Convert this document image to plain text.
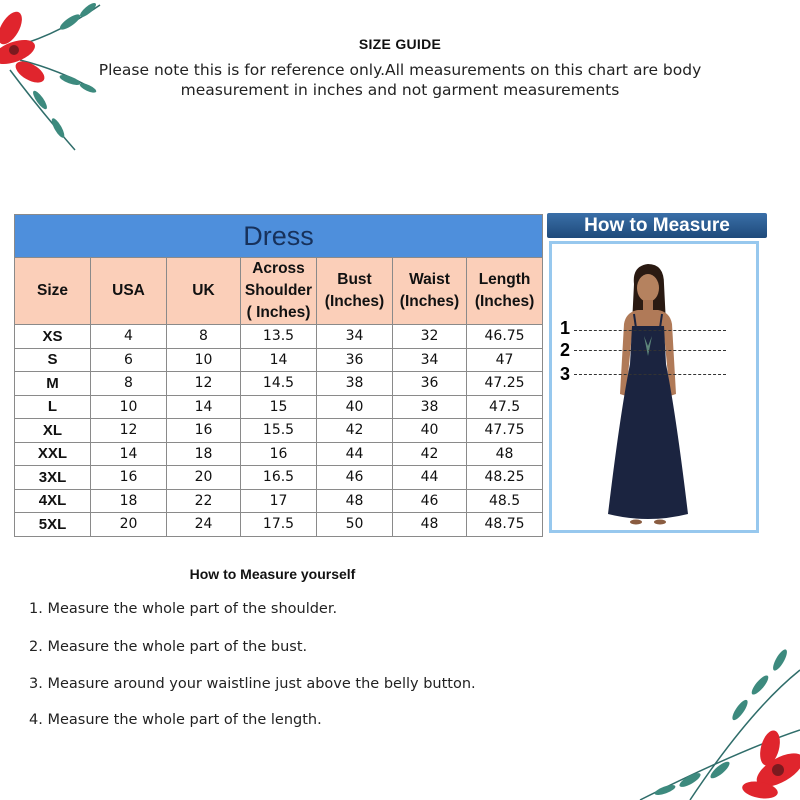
SIZE GUIDE
Please note this is for reference only.All measurements on this chart are body measurement in inches and not garment measurements
Dress						
Size	USA	UK	Across Shoulder ( Inches)	Bust (Inches)	Waist (Inches)	Length (Inches)
XS	4	8	13.5	34	32	46.75
S	6	10	14	36	34	47
M	8	12	14.5	38	36	47.25
L	10	14	15	40	38	47.5
XL	12	16	15.5	42	40	47.75
XXL	14	18	16	44	42	48
3XL	16	20	16.5	46	44	48.25
4XL	18	22	17	48	46	48.5
5XL	20	24	17.5	50	48	48.75
How to Measure
1
2
3
How to Measure yourself
1. Measure the whole part of the shoulder.
2. Measure the whole part of the bust.
3. Measure around your waistline just above the belly button.
4. Measure the whole part of the length.
